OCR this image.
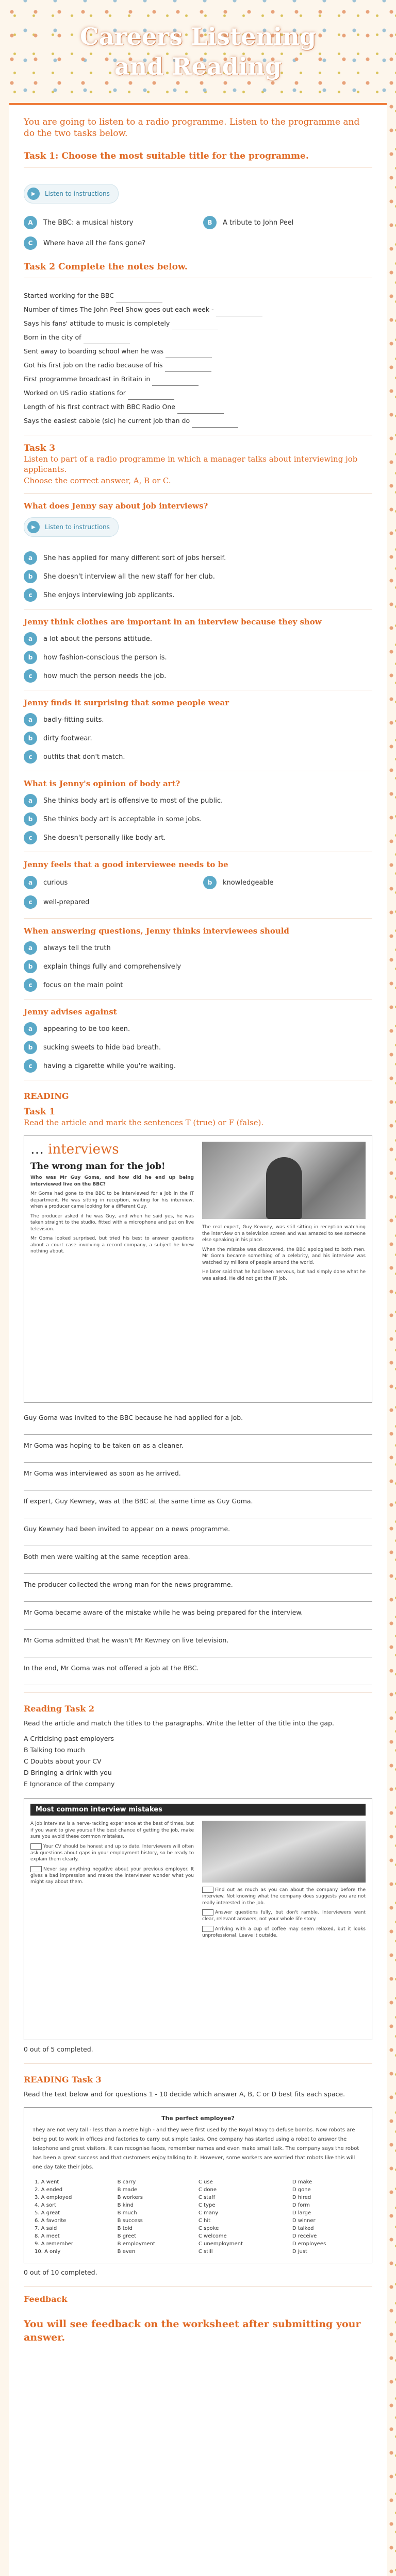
Careers Listening and Reading

You are going to listen to a radio programme. Listen to the programme and do the two tasks below.

Task 1: Choose the most suitable title for the programme.
▶	Listen to instructions
A	The BBC: a musical history	B	A tribute to John Peel
C	Where have all the fans gone?
Task 2 Complete the notes below.
Started working for the BBC
Number of times The John Peel Show goes out each week -
Says his fans' attitude to music is completely
Born in the city of
Sent away to boarding school when he was
Got his first job on the radio because of his
First programme broadcast in Britain in
Worked on US radio stations for
Length of his first contract with BBC Radio One
Says the easiest cabbie (sic) he current job than do
Task 3

Listen to part of a radio programme in which a manager talks about interviewing job applicants.

Choose the correct answer, A, B or C.

What does Jenny say about job interviews?
▶	Listen to instructions
a	She has applied for many different sort of jobs herself.
b	She doesn't interview all the new staff for her club.
c	She enjoys interviewing job applicants.
Jenny think clothes are important in an interview because they show
a	a lot about the persons attitude.
b	how fashion-conscious the person is.
c	how much the person needs the job.
Jenny finds it surprising that some people wear
a	badly-fitting suits.
b	dirty footwear.
c	outfits that don't match.
What is Jenny's opinion of body art?
a	She thinks body art is offensive to most of the public.
b	She thinks body art is acceptable in some jobs.
c	She doesn't personally like body art.
Jenny feels that a good interviewee needs to be
a	curious	b	knowledgeable
c	well-prepared
When answering questions, Jenny thinks interviewees should
a	always tell the truth
b	explain things fully and comprehensively
c	focus on the main point
Jenny advises against
a	appearing to be too keen.
b	sucking sweets to hide bad breath.
c	having a cigarette while you're waiting.
READING
Task 1

Read the article and mark the sentences T (true) or F (false).

… interviews
The wrong man for the job!

Who was Mr Guy Goma, and how did he end up being interviewed live on the BBC?

Mr Goma had gone to the BBC to be interviewed for a job in the IT department. He was sitting in reception, waiting for his interview, when a producer came looking for a different Guy.

The producer asked if he was Guy, and when he said yes, he was taken straight to the studio, fitted with a microphone and put on live television.

Mr Goma looked surprised, but tried his best to answer questions about a court case involving a record company, a subject he knew nothing about.

The real expert, Guy Kewney, was still sitting in reception watching the interview on a television screen and was amazed to see someone else speaking in his place.

When the mistake was discovered, the BBC apologised to both men. Mr Goma became something of a celebrity, and his interview was watched by millions of people around the world.

He later said that he had been nervous, but had simply done what he was asked. He did not get the IT job.

Guy Goma was invited to the BBC because he had applied for a job.

Mr Goma was hoping to be taken on as a cleaner.

Mr Goma was interviewed as soon as he arrived.

If expert, Guy Kewney, was at the BBC at the same time as Guy Goma.

Guy Kewney had been invited to appear on a news programme.

Both men were waiting at the same reception area.

The producer collected the wrong man for the news programme.

Mr Goma became aware of the mistake while he was being prepared for the interview.

Mr Goma admitted that he wasn't Mr Kewney on live television.

In the end, Mr Goma was not offered a job at the BBC.

Reading Task 2

Read the article and match the titles to the paragraphs. Write the letter of the title into the gap.

A Criticising past employers

B Talking too much

C Doubts about your CV

D Bringing a drink with you

E Ignorance of the company

Most common interview mistakes

A job interview is a nerve-racking experience at the best of times, but if you want to give yourself the best chance of getting the job, make sure you avoid these common mistakes.

Your CV should be honest and up to date. Interviewers will often ask questions about gaps in your employment history, so be ready to explain them clearly.

Never say anything negative about your previous employer. It gives a bad impression and makes the interviewer wonder what you might say about them.

Find out as much as you can about the company before the interview. Not knowing what the company does suggests you are not really interested in the job.

Answer questions fully, but don't ramble. Interviewers want clear, relevant answers, not your whole life story.

Arriving with a cup of coffee may seem relaxed, but it looks unprofessional. Leave it outside.

0 out of 5 completed.

READING Task 3

Read the text below and for questions 1 - 10 decide which answer A, B, C or D best fits each space.

The perfect employee?

They are not very tall - less than a metre high - and they were first used by the Royal Navy to defuse bombs. Now robots are being put to work in offices and factories to carry out simple tasks. One company has started using a robot to answer the telephone and greet visitors. It can recognise faces, remember names and even make small talk. The company says the robot has been a great success and that customers enjoy talking to it. However, some workers are worried that robots like this will one day take their jobs.

1. A went	B carry	C use	D make
2. A ended	B made	C done	D gone
3. A employed	B workers	C staff	D hired
4. A sort	B kind	C type	D form
5. A great	B much	C many	D large
6. A favorite	B success	C hit	D winner
7. A said	B told	C spoke	D talked
8. A meet	B greet	C welcome	D receive
9. A remember	B employment	C unemployment	D employees
10. A only	B even	C still	D just

0 out of 10 completed.

Feedback

You will see feedback on the worksheet after submitting your answer.
